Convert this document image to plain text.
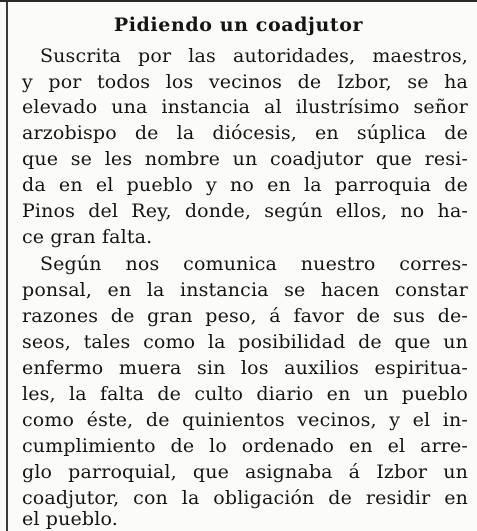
Pidiendo un coadjutor
Suscrita por las autoridades, maestros,
y por todos los vecinos de Izbor, se ha
elevado una instancia al ilustrísimo señor
arzobispo de la diócesis, en súplica de
que se les nombre un coadjutor que resi-
da en el pueblo y no en la parroquia de
Pinos del Rey, donde, según ellos, no ha-
ce gran falta.
Según nos comunica nuestro corres-
ponsal, en la instancia se hacen constar
razones de gran peso, á favor de sus de-
seos, tales como la posibilidad de que un
enfermo muera sin los auxilios espiritua-
les, la falta de culto diario en un pueblo
como éste, de quinientos vecinos, y el in-
cumplimiento de lo ordenado en el arre-
glo parroquial, que asignaba á Izbor un
coadjutor, con la obligación de residir en
el pueblo.
